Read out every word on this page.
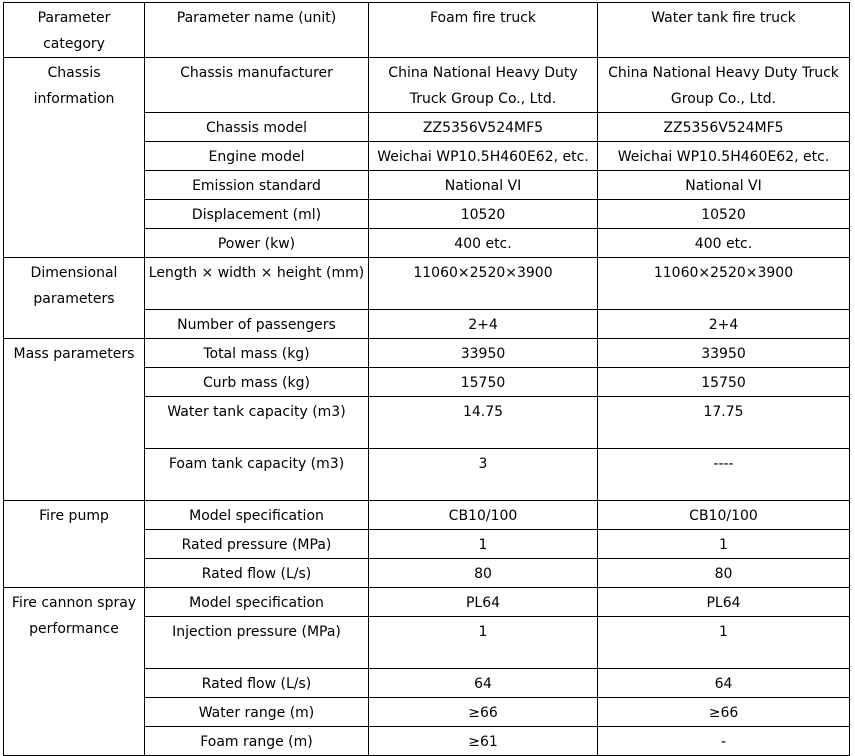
Parameter category	Parameter name (unit)	Foam fire truck	Water tank fire truck
Chassis information	Chassis manufacturer	China National Heavy Duty Truck Group Co., Ltd.	China National Heavy Duty Truck Group Co., Ltd.
	Chassis model	ZZ5356V524MF5	ZZ5356V524MF5
	Engine model	Weichai WP10.5H460E62, etc.	Weichai WP10.5H460E62, etc.
	Emission standard	National VI	National VI
	Displacement (ml)	10520	10520
	Power (kw)	400 etc.	400 etc.
Dimensional parameters	Length × width × height (mm)	11060×2520×3900	11060×2520×3900
	Number of passengers	2+4	2+4
Mass parameters	Total mass (kg)	33950	33950
	Curb mass (kg)	15750	15750
	Water tank capacity (m3)	14.75	17.75
	Foam tank capacity (m3)	3	----
Fire pump	Model specification	CB10/100	CB10/100
	Rated pressure (MPa)	1	1
	Rated flow (L/s)	80	80
Fire cannon spray performance	Model specification	PL64	PL64
	Injection pressure (MPa)	1	1
	Rated flow (L/s)	64	64
	Water range (m)	≥66	≥66
	Foam range (m)	≥61	-
